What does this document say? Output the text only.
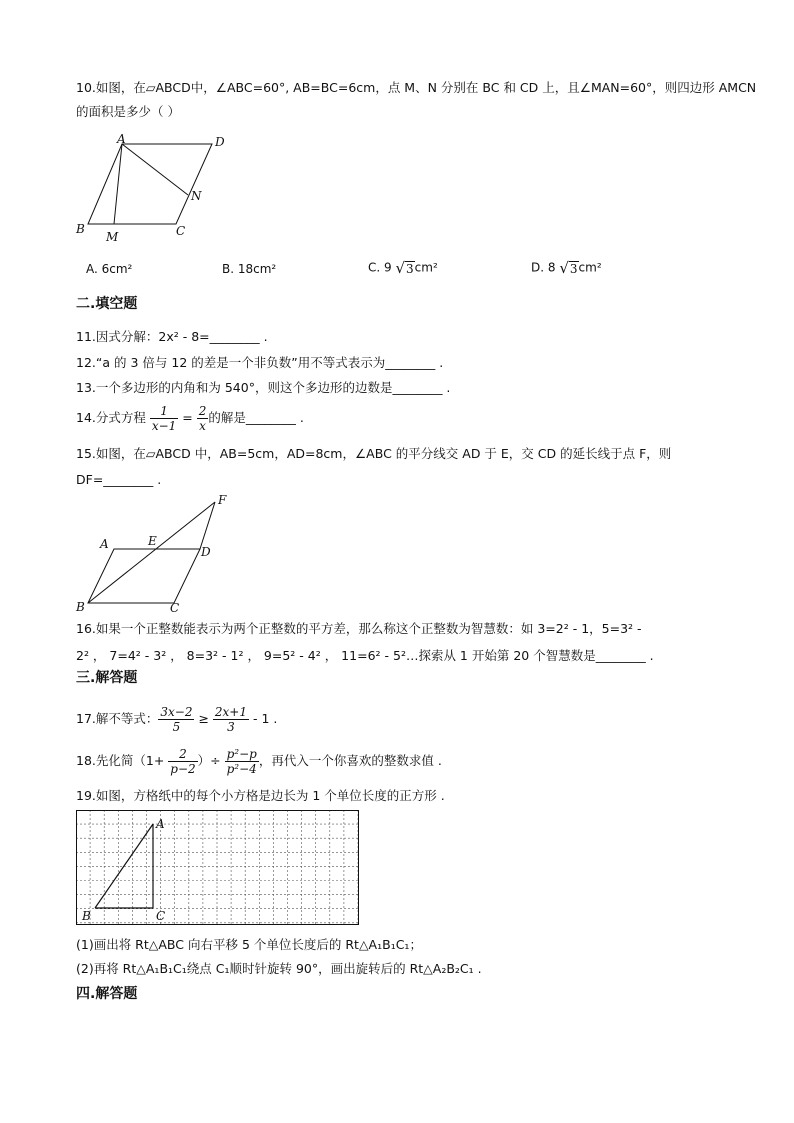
10.如图，在▱ABCD中，∠ABC=60°, AB=BC=6cm，点 M、N 分别在 BC 和 CD 上，且∠MAN=60°，则四边形 AMCN
的面积是多少（ ）
A	D
N
B
M	C
A. 6cm²	B. 18cm²	C. 9 √3cm²	D. 8 √3cm²
二.填空题
11.因式分解：2x² - 8=________ .
12.“a 的 3 倍与 12 的差是一个非负数”用不等式表示为________ .
13.一个多边形的内角和为 540°，则这个多边形的边数是________ .
14.分式方程 $\frac{1}{x-1} = \frac{2}{x}$ 的解是________ .
15.如图，在▱ABCD 中，AB=5cm，AD=8cm，∠ABC 的平分线交 AD 于 E，交 CD 的延长线于点 F，则
DF=________ .
F
A	E
D
B	C
16.如果一个正整数能表示为两个正整数的平方差，那么称这个正整数为智慧数：如 3=2² - 1，5=3² -
2² ， 7=4² - 3² ， 8=3² - 1² ， 9=5² - 4² ， 11=6² - 5²…探索从 1 开始第 20 个智慧数是________ .
三.解答题
17.解不等式： $\frac{3x-2}{5} \ge \frac{2x+1}{3} - 1$ .
18.先化简（$1+ \frac{2}{p-2}$ ）÷ $\frac{\text{p²−p}}{\text{p²−4}}$ ，再代入一个你喜欢的整数求值 .
19.如图，方格纸中的每个小方格是边长为 1 个单位长度的正方形 .
A
B	C
(1)画出将 Rt△ABC 向右平移 5 个单位长度后的 Rt△A₁B₁C₁；
(2)再将 Rt△A₁B₁C₁绕点 C₁顺时针旋转 90°，画出旋转后的 Rt△A₂B₂C₁ .
四.解答题
